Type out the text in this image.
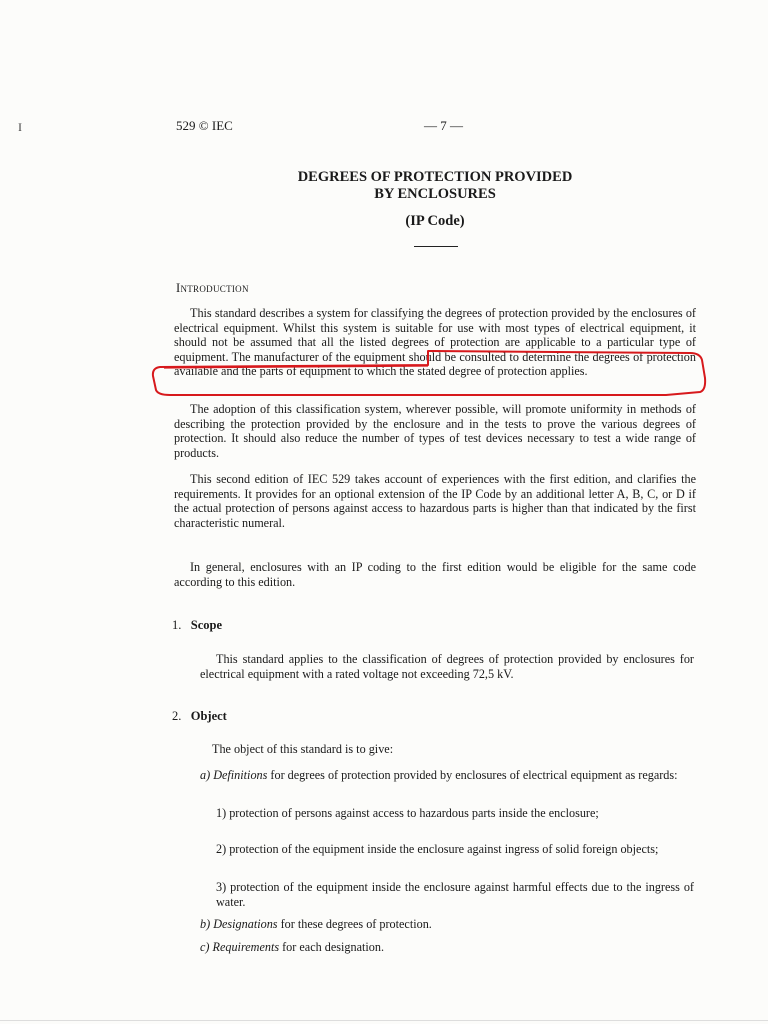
I	529 © IEC	— 7 —
DEGREES OF PROTECTION PROVIDED
BY ENCLOSURES
(IP Code)
Introduction
This standard describes a system for classifying the degrees of protection provided by the enclosures of electrical equipment. Whilst this system is suitable for use with most types of electrical equipment, it should not be assumed that all the listed degrees of protection are applicable to a particular type of equipment. The manufacturer of the equipment should be consulted to determine the degrees of protection available and the parts of equipment to which the stated degree of protection applies.
The adoption of this classification system, wherever possible, will promote uniformity in methods of describing the protection provided by the enclosure and in the tests to prove the various degrees of protection. It should also reduce the number of types of test devices necessary to test a wide range of products.
This second edition of IEC 529 takes account of experiences with the first edition, and clarifies the requirements. It provides for an optional extension of the IP Code by an additional letter A, B, C, or D if the actual protection of persons against access to hazardous parts is higher than that indicated by the first characteristic numeral.
In general, enclosures with an IP coding to the first edition would be eligible for the same code according to this edition.
1. Scope
This standard applies to the classification of degrees of protection provided by enclosures for electrical equipment with a rated voltage not exceeding 72,5 kV.
2. Object
The object of this standard is to give:
a) Definitions for degrees of protection provided by enclosures of electrical equipment as regards:
1) protection of persons against access to hazardous parts inside the enclosure;
2) protection of the equipment inside the enclosure against ingress of solid foreign objects;
3) protection of the equipment inside the enclosure against harmful effects due to the ingress of water.
b) Designations for these degrees of protection.
c) Requirements for each designation.
